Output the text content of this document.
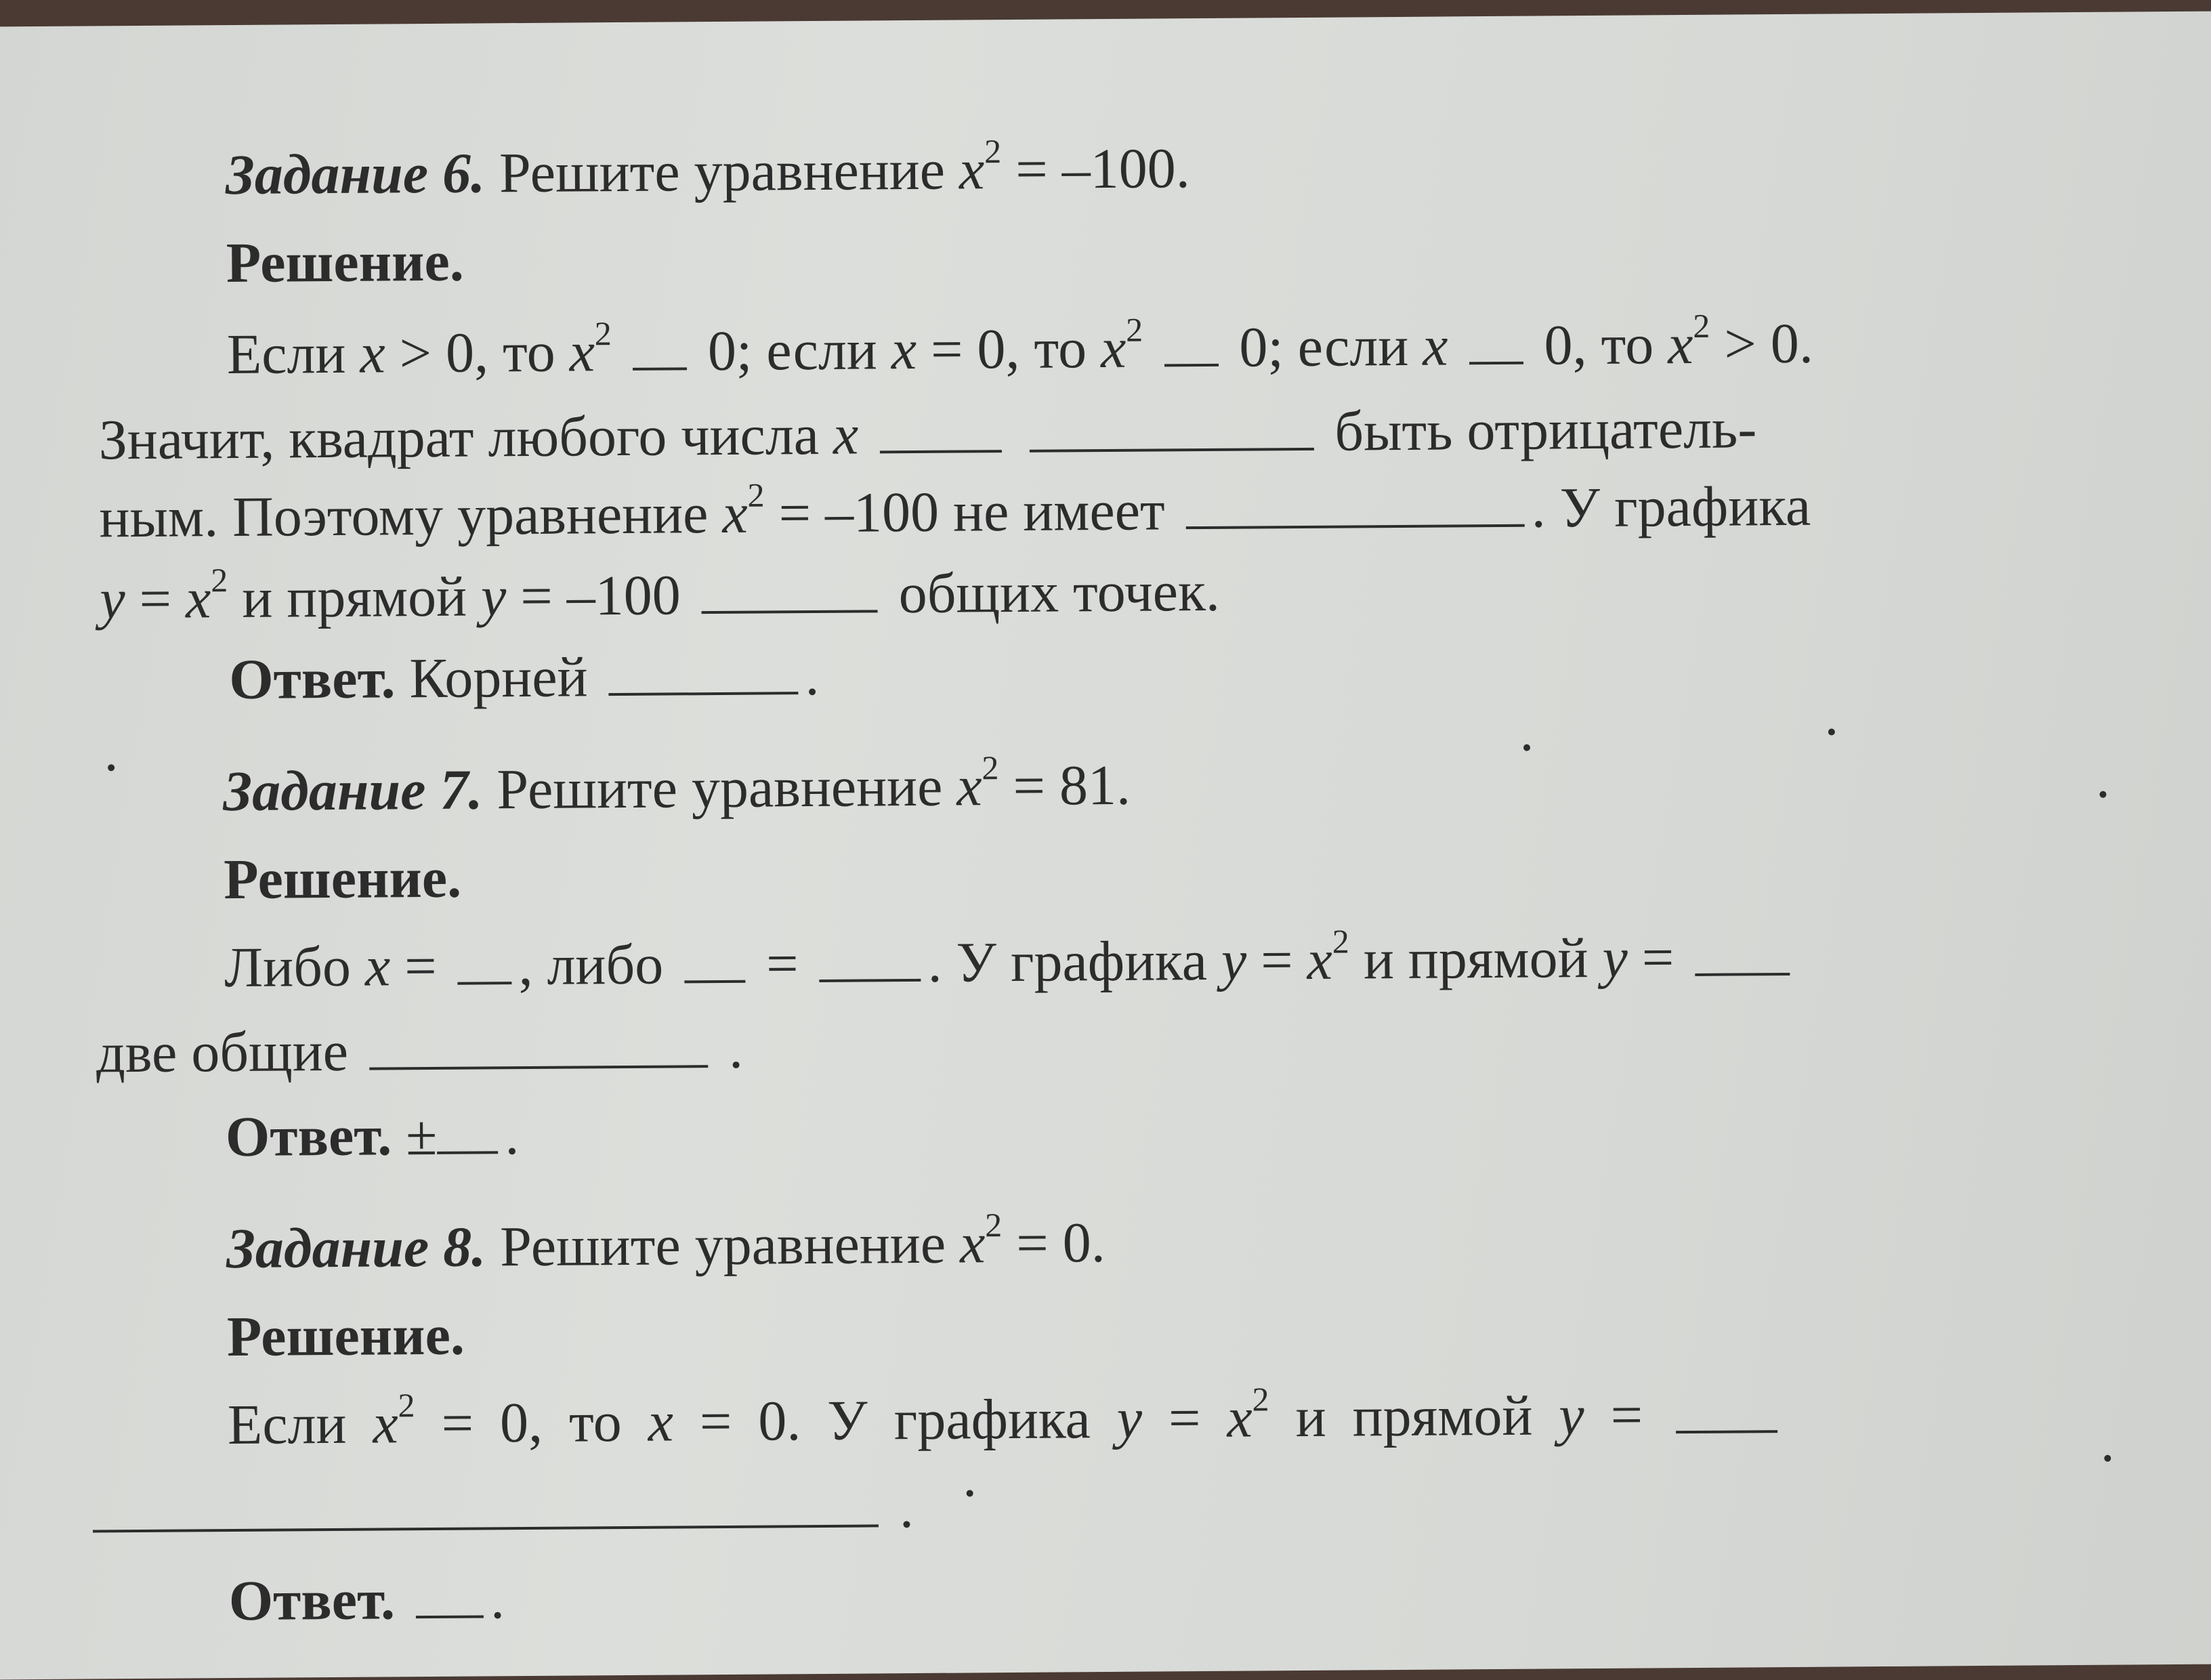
Задание 6. Решите уравнение $x^2 = -100$.
Решение.
Если x > 0, то $x^2$ 0; если x = 0, то $x^2$ 0; если x 0, то $x^2 > 0$.
Значит, квадрат любого числа x	быть отрицатель-
ным. Поэтому уравнение $x^2 = -100$ не имеет	. У графика
$y = x^2$ и прямой y = –100	общих точек.
Ответ. Корней	.
Задание 7. Решите уравнение $x^2 = 81$.
Решение.
Либо x = , либо = . У графика $y = x^2$ и прямой y =
две общие	.
Ответ. ± .
Задание 8. Решите уравнение $x^2 = 0$.
Решение.
Если $x^2 = 0$, то x = 0. У графика $y = x^2$ и прямой y =
.
Ответ. .
